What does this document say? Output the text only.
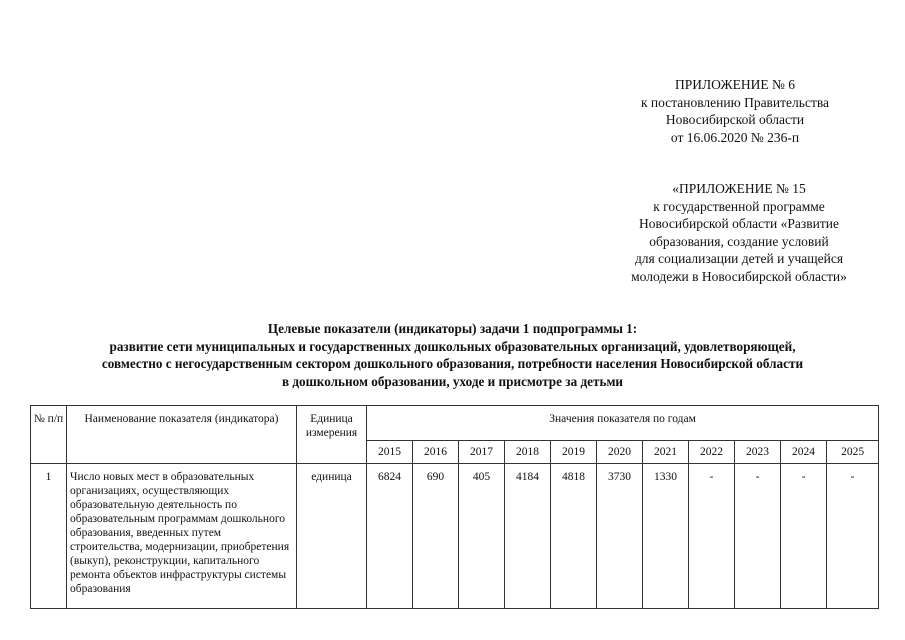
ПРИЛОЖЕНИЕ № 6
к постановлению Правительства
Новосибирской области
от 16.06.2020 № 236-п
«ПРИЛОЖЕНИЕ № 15
к государственной программе
Новосибирской области «Развитие
образования, создание условий
для социализации детей и учащейся
молодежи в Новосибирской области»
Целевые показатели (индикаторы) задачи 1 подпрограммы 1:
развитие сети муниципальных и государственных дошкольных образовательных организаций, удовлетворяющей,
совместно с негосударственным сектором дошкольного образования, потребности населения Новосибирской области
в дошкольном образовании, уходе и присмотре за детьми
№ п/п	Наименование показателя (индикатора)	Единица измерения	Значения показателя по годам										
			2015	2016	2017	2018	2019	2020	2021	2022	2023	2024	2025
1	Число новых мест в образовательных организациях, осуществляющих образовательную деятельность по образовательным программам дошкольного образования, введенных путем строительства, модернизации, приобретения (выкуп), реконструкции, капитального ремонта объектов инфраструктуры системы образования	единица	6824	690	405	4184	4818	3730	1330	-	-	-	-
